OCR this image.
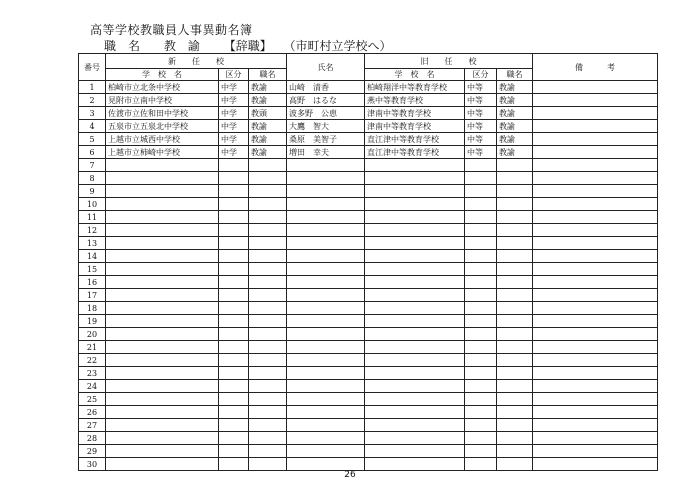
高等学校教職員人事異動名簿
職　名 教　諭 【辞職】 （市町村立学校へ）
番号	新　　任　　校			氏名	旧　　任　　校			備　　　考
	学　校　名	区分	職名		学　校　名	区分	職名	
1	柏崎市立北条中学校	中学	教諭	山崎　清香	柏崎翔洋中等教育学校	中等	教諭	
2	見附市立南中学校	中学	教諭	高野　はるな	燕中等教育学校	中等	教諭	
3	佐渡市立佐和田中学校	中学	教頭	波多野　公恵	津南中等教育学校	中等	教諭	
4	五泉市立五泉北中学校	中学	教諭	大鷹　智大	津南中等教育学校	中等	教諭	
5	上越市立城西中学校	中学	教諭	桑原　美智子	直江津中等教育学校	中等	教諭	
6	上越市立柿崎中学校	中学	教諭	増田　幸夫	直江津中等教育学校	中等	教諭	
7								
8								
9								
10								
11								
12								
13								
14								
15								
16								
17								
18								
19								
20								
21								
22								
23								
24								
25								
26								
27								
28								
29								
30								
26
